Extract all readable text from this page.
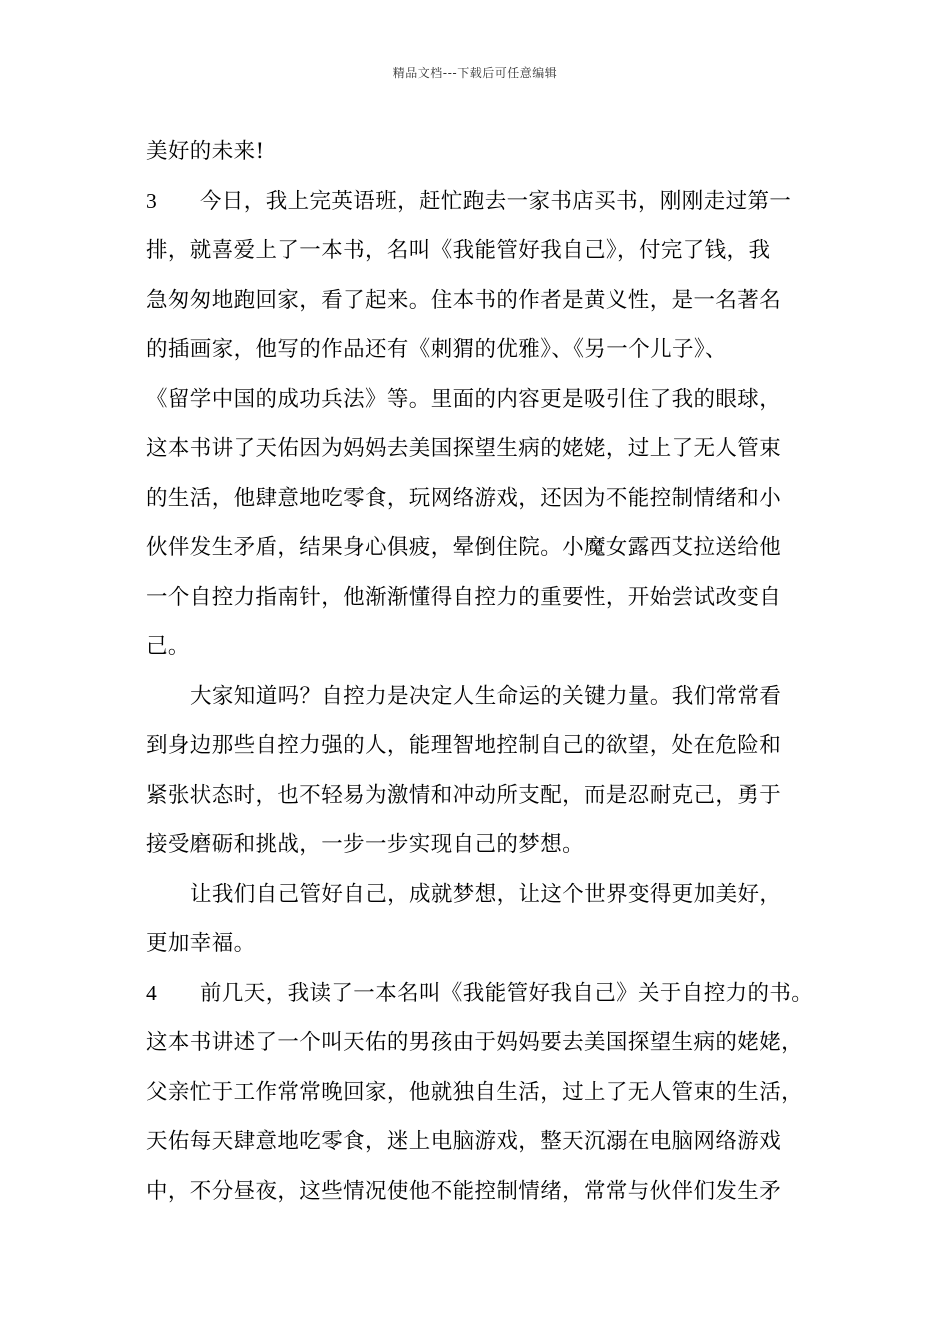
精品文档---下载后可任意编辑
美好的未来!
3 今日，我上完英语班，赶忙跑去一家书店买书，刚刚走过第一
排，就喜爱上了一本书，名叫《我能管好我自己》，付完了钱，我
急匆匆地跑回家，看了起来。住本书的作者是黄义性，是一名著名
的插画家，他写的作品还有《刺猬的优雅》、《另一个儿子》、
《留学中国的成功兵法》等。里面的内容更是吸引住了我的眼球，
这本书讲了天佑因为妈妈去美国探望生病的姥姥，过上了无人管束
的生活，他肆意地吃零食，玩网络游戏，还因为不能控制情绪和小
伙伴发生矛盾，结果身心俱疲，晕倒住院。小魔女露西艾拉送给他
一个自控力指南针，他渐渐懂得自控力的重要性，开始尝试改变自
己。
大家知道吗？自控力是决定人生命运的关键力量。我们常常看
到身边那些自控力强的人，能理智地控制自己的欲望，处在危险和
紧张状态时，也不轻易为激情和冲动所支配，而是忍耐克己，勇于
接受磨砺和挑战，一步一步实现自己的梦想。
让我们自己管好自己，成就梦想，让这个世界变得更加美好，
更加幸福。
4 前几天，我读了一本名叫《我能管好我自己》关于自控力的书。
这本书讲述了一个叫天佑的男孩由于妈妈要去美国探望生病的姥姥，
父亲忙于工作常常晚回家，他就独自生活，过上了无人管束的生活，
天佑每天肆意地吃零食，迷上电脑游戏，整天沉溺在电脑网络游戏
中，不分昼夜，这些情况使他不能控制情绪，常常与伙伴们发生矛
